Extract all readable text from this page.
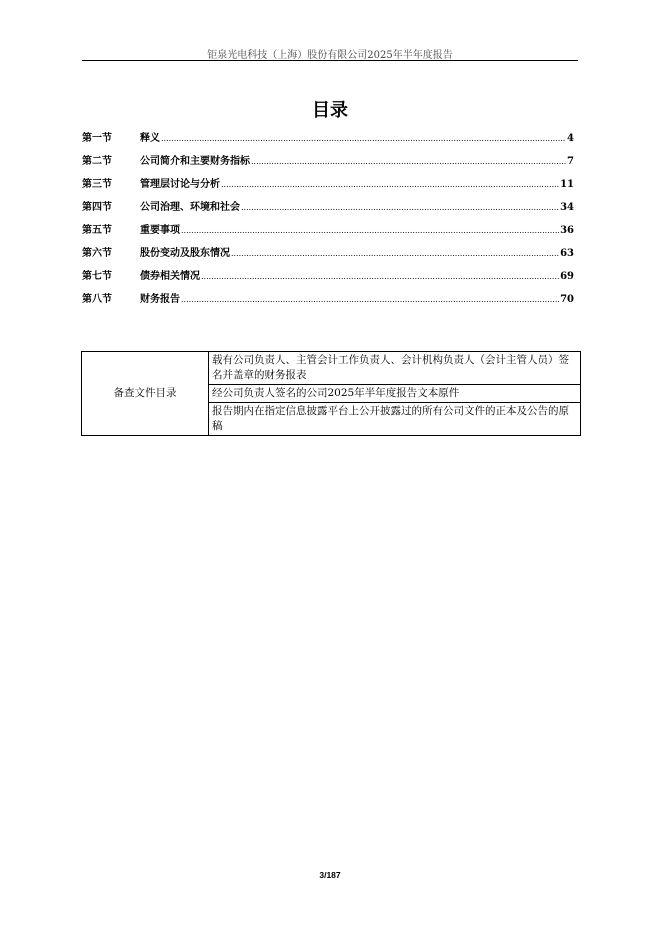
钜泉光电科技（上海）股份有限公司2025年半年度报告
目录
第一节	释义 .....	4
第二节	公司简介和主要财务指标 .....	7
第三节	管理层讨论与分析 .....	11
第四节	公司治理、环境和社会 .....	34
第五节	重要事项 .....	36
第六节	股份变动及股东情况 .....	63
第七节	债券相关情况 .....	69
第八节	财务报告 .....	70
备查文件目录	载有公司负责人、主管会计工作负责人、会计机构负责人（会计主管人员）签名并盖章的财务报表
经公司负责人签名的公司2025年半年度报告文本原件
报告期内在指定信息披露平台上公开披露过的所有公司文件的正本及公告的原稿
3/187
